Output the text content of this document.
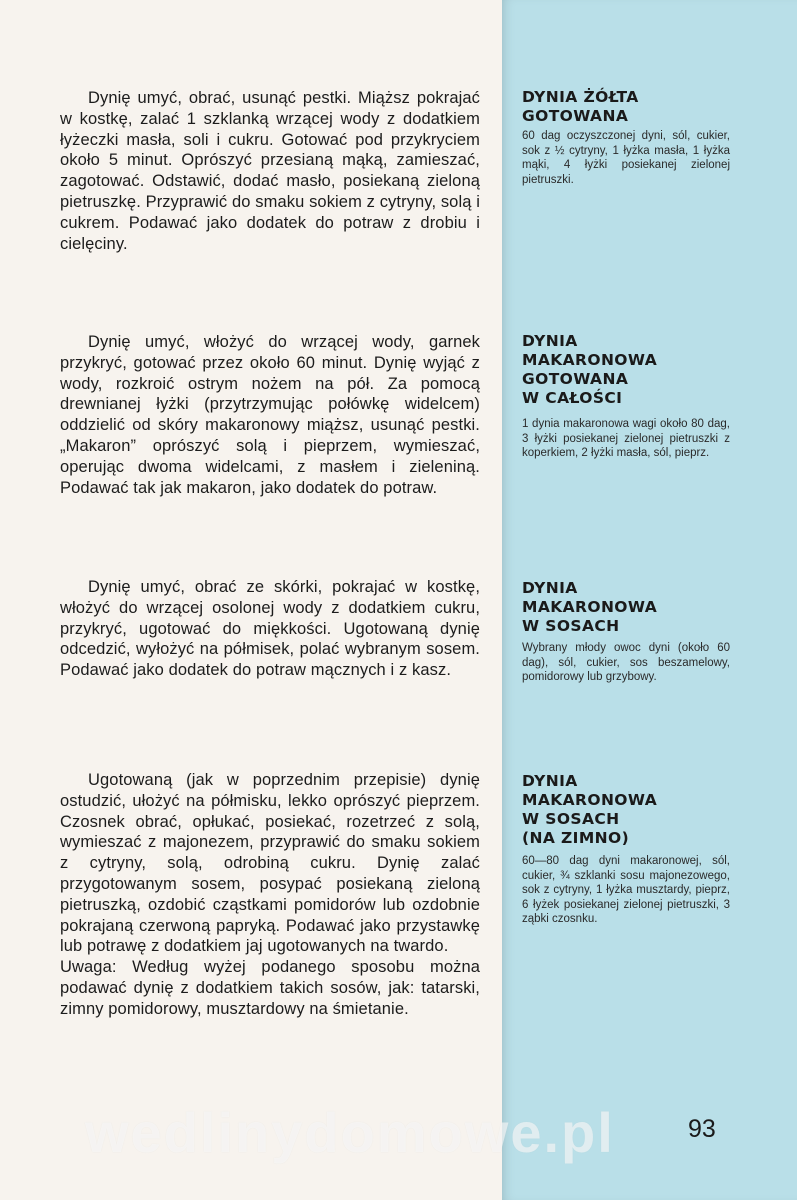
Dynię umyć, obrać, usunąć pestki. Miąższ pokrajać w kostkę, zalać 1 szklanką wrzącej wody z dodatkiem łyżeczki masła, soli i cukru. Gotować pod przykryciem około 5 minut. Oprószyć przesianą mąką, zamieszać, zagotować. Odstawić, dodać masło, posiekaną zieloną pietruszkę. Przyprawić do smaku sokiem z cytryny, solą i cukrem. Podawać jako dodatek do potraw z drobiu i cielęciny.

DYNIA ŻÓŁTA
GOTOWANA
60 dag oczyszczonej dyni, sól, cukier, sok z ½ cytryny, 1 łyżka masła, 1 łyżka mąki, 4 łyżki posiekanej zielonej pietruszki.

Dynię umyć, włożyć do wrzącej wody, garnek przykryć, gotować przez około 60 minut. Dynię wyjąć z wody, rozkroić ostrym nożem na pół. Za pomocą drewnianej łyżki (przytrzymując połówkę widelcem) oddzielić od skóry makaronowy miąższ, usunąć pestki. „Makaron” oprószyć solą i pieprzem, wymieszać, operując dwoma widelcami, z masłem i zieleniną. Podawać tak jak makaron, jako dodatek do potraw.

DYNIA
MAKARONOWA
GOTOWANA
W CAŁOŚCI
1 dynia makaronowa wagi około 80 dag, 3 łyżki posiekanej zielonej pietruszki z koperkiem, 2 łyżki masła, sól, pieprz.

Dynię umyć, obrać ze skórki, pokrajać w kostkę, włożyć do wrzącej osolonej wody z dodatkiem cukru, przykryć, ugotować do miękkości. Ugotowaną dynię odcedzić, wyłożyć na półmisek, polać wybranym sosem. Podawać jako dodatek do potraw mącznych i z kasz.

DYNIA
MAKARONOWA
W SOSACH
Wybrany młody owoc dyni (około 60 dag), sól, cukier, sos beszamelowy, pomidorowy lub grzybowy.

Ugotowaną (jak w poprzednim przepisie) dynię ostudzić, ułożyć na półmisku, lekko oprószyć pieprzem. Czosnek obrać, opłukać, posiekać, rozetrzeć z solą, wymieszać z majonezem, przyprawić do smaku sokiem z cytryny, solą, odrobiną cukru. Dynię zalać przygotowanym sosem, posypać posiekaną zieloną pietruszką, ozdobić cząstkami pomidorów lub ozdobnie pokrajaną czerwoną papryką. Podawać jako przystawkę lub potrawę z dodatkiem jaj ugotowanych na twardo.

Uwaga: Według wyżej podanego sposobu można podawać dynię z dodatkiem takich sosów, jak: tatarski, zimny pomidorowy, musztardowy na śmietanie.

DYNIA
MAKARONOWA
W SOSACH
(NA ZIMNO)
60—80 dag dyni makaronowej, sól, cukier, ¾ szklanki sosu majonezowego, sok z cytryny, 1 łyżka musztardy, pieprz, 6 łyżek posiekanej zielonej pietruszki, 3 ząbki czosnku.
wedlinydomowe.pl	93
